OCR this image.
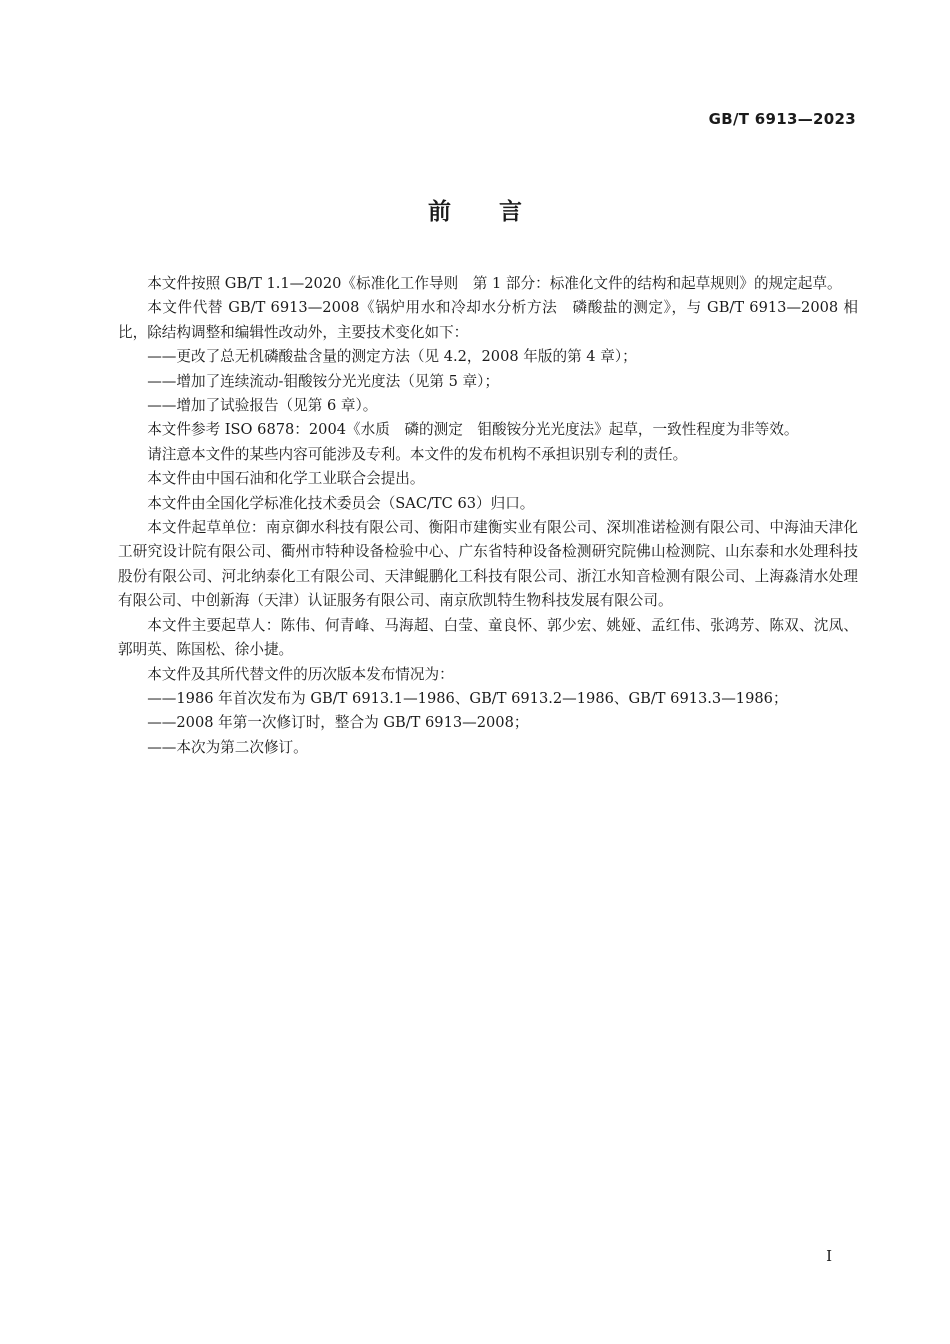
GB/T 6913—2023
前言

本文件按照 GB/T 1.1—2020《标准化工作导则　第 1 部分：标准化文件的结构和起草规则》的规定起草。

本文件代替 GB/T 6913—2008《锅炉用水和冷却水分析方法　磷酸盐的测定》，与 GB/T 6913—2008 相比，除结构调整和编辑性改动外，主要技术变化如下：

——更改了总无机磷酸盐含量的测定方法（见 4.2，2008 年版的第 4 章）；

——增加了连续流动-钼酸铵分光光度法（见第 5 章）；

——增加了试验报告（见第 6 章）。

本文件参考 ISO 6878：2004《水质　磷的测定　钼酸铵分光光度法》起草，一致性程度为非等效。

请注意本文件的某些内容可能涉及专利。本文件的发布机构不承担识别专利的责任。

本文件由中国石油和化学工业联合会提出。

本文件由全国化学标准化技术委员会（SAC/TC 63）归口。

本文件起草单位：南京御水科技有限公司、衡阳市建衡实业有限公司、深圳准诺检测有限公司、中海油天津化工研究设计院有限公司、衢州市特种设备检验中心、广东省特种设备检测研究院佛山检测院、山东泰和水处理科技股份有限公司、河北纳泰化工有限公司、天津鲲鹏化工科技有限公司、浙江水知音检测有限公司、上海淼清水处理有限公司、中创新海（天津）认证服务有限公司、南京欣凯特生物科技发展有限公司。

本文件主要起草人：陈伟、何青峰、马海超、白莹、童良怀、郭少宏、姚娅、孟红伟、张鸿芳、陈双、沈凤、郭明英、陈国松、徐小捷。

本文件及其所代替文件的历次版本发布情况为：

——1986 年首次发布为 GB/T 6913.1—1986、GB/T 6913.2—1986、GB/T 6913.3—1986；

——2008 年第一次修订时，整合为 GB/T 6913—2008；

——本次为第二次修订。

I
